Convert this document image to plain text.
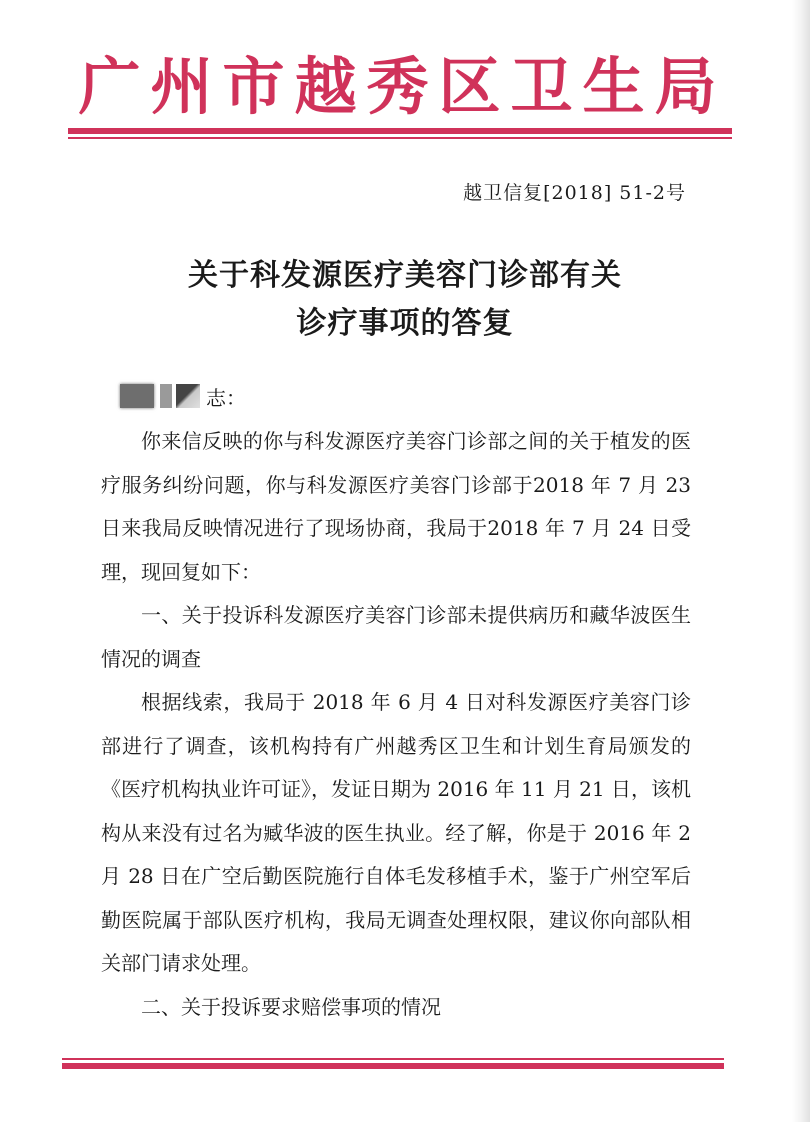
广州市越秀区卫生局
越卫信复[2018] 51-2号
关于科发源医疗美容门诊部有关
诊疗事项的答复
志：

你来信反映的你与科发源医疗美容门诊部之间的关于植发的医疗服务纠纷问题，你与科发源医疗美容门诊部于2018 年 7 月 23 日来我局反映情况进行了现场协商，我局于2018 年 7 月 24 日受理，现回复如下：

一、关于投诉科发源医疗美容门诊部未提供病历和藏华波医生情况的调查

根据线索，我局于 2018 年 6 月 4 日对科发源医疗美容门诊部进行了调查，该机构持有广州越秀区卫生和计划生育局颁发的《医疗机构执业许可证》，发证日期为 2016 年 11 月 21 日，该机构从来没有过名为臧华波的医生执业。经了解，你是于 2016 年 2 月 28 日在广空后勤医院施行自体毛发移植手术，鉴于广州空军后勤医院属于部队医疗机构，我局无调查处理权限，建议你向部队相关部门请求处理。

二、关于投诉要求赔偿事项的情况
